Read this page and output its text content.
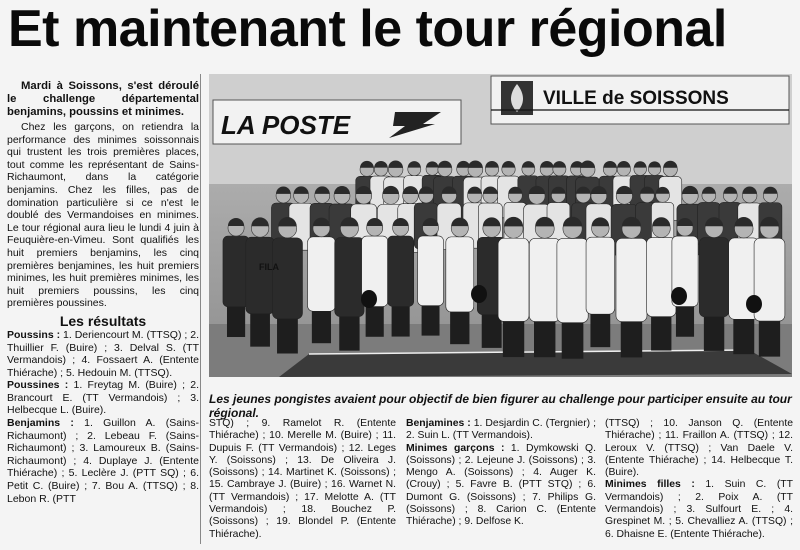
Et maintenant le tour régional

Mardi à Soissons, s'est déroulé le challenge départemental benjamins, poussins et minimes.

Chez les garçons, on retiendra la performance des minimes soissonnais qui trustent les trois premières places, tout comme les représentant de Sains-Richaumont, dans la catégorie benjamins. Chez les filles, pas de domination particulière si ce n'est le doublé des Vermandoises en minimes. Le tour régional aura lieu le lundi 4 juin à Feuquière-en-Vimeu. Sont qualifiés les huit premiers benjamins, les cinq premières benjamines, les huit premiers minimes, les huit premières minimes, les huit premiers poussins, les cinq premières poussines.

Les résultats

Poussins : 1. Deriencourt M. (TTSQ) ; 2. Thuillier F. (Buire) ; 3. Delval S. (TT Vermandois) ; 4. Fossaert A. (Entente Thiérache) ; 5. Hedouin M. (TTSQ).

Poussines : 1. Freytag M. (Buire) ; 2. Brancourt E. (TT Vermandois) ; 3. Helbecque L. (Buire).

Benjamins : 1. Guillon A. (Sains-Richaumont) ; 2. Lebeau F. (Sains-Richaumont) ; 3. Lamoureux B. (Sains-Richaumont) ; 4. Duplaye J. (Entente Thiérache) ; 5. Leclère J. (PTT SQ) ; 6. Petit C. (Buire) ; 7. Bou A. (TTSQ) ; 8. Lebon R. (PTT

LA POSTE
VILLE de SOISSONS
FILA

Les jeunes pongistes avaient pour objectif de bien figurer au challenge pour participer ensuite au tour régional.

STQ) ; 9. Ramelot R. (Entente Thiérache) ; 10. Merelle M. (Buire) ; 11. Dupuis F. (TT Vermandois) ; 12. Leges Y. (Soissons) ; 13. De Oliveira J. (Soissons) ; 14. Martinet K. (Soissons) ; 15. Cambraye J. (Buire) ; 16. Warnet N. (TT Vermandois) ; 17. Melotte A. (TT Vermandois) ; 18. Bouchez P. (Soissons) ; 19. Blondel P. (Entente Thiérache).

Benjamines : 1. Desjardin C. (Tergnier) ; 2. Suin L. (TT Vermandois).

Minimes garçons : 1. Dymkowski Q. (Soissons) ; 2. Lejeune J. (Soissons) ; 3. Mengo A. (Soissons) ; 4. Auger K. (Crouy) ; 5. Favre B. (PTT STQ) ; 6. Dumont G. (Soissons) ; 7. Philips G. (Soissons) ; 8. Carion C. (Entente Thiérache) ; 9. Delfose K.

(TTSQ) ; 10. Janson Q. (Entente Thiérache) ; 11. Fraillon A. (TTSQ) ; 12. Leroux V. (TTSQ) ; Van Daele V. (Entente Thiérache) ; 14. Helbecque T. (Buire).

Minimes filles : 1. Suin C. (TT Vermandois) ; 2. Poix A. (TT Vermandois) ; 3. Sulfourt E. ; 4. Grespinet M. ; 5. Chevalliez A. (TTSQ) ; 6. Dhaisne E. (Entente Thiérache).
